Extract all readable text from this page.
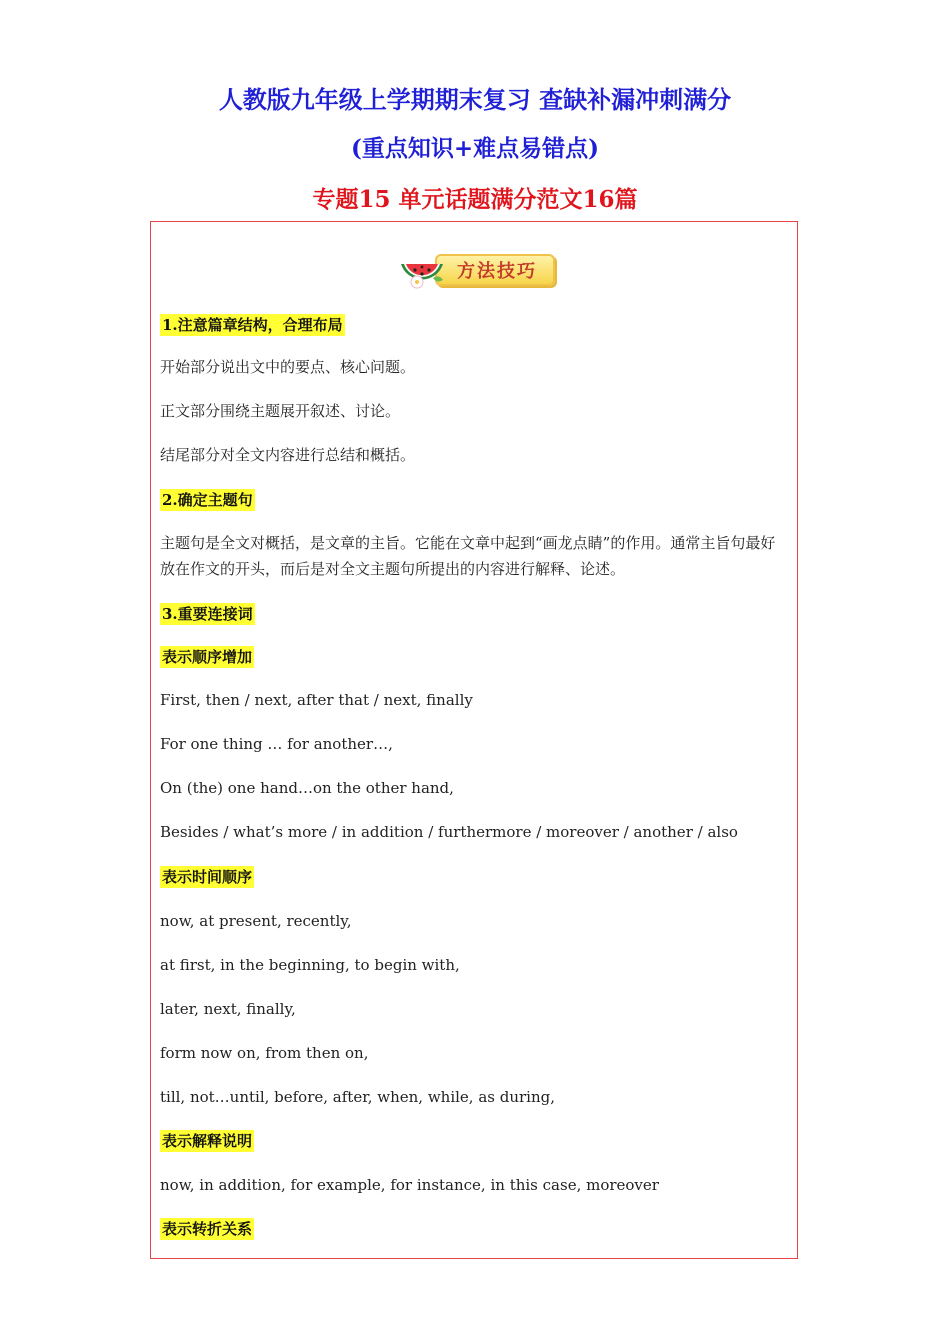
人教版九年级上学期期末复习 查缺补漏冲刺满分
(重点知识+难点易错点)
专题15 单元话题满分范文16篇
方法技巧
1.注意篇章结构，合理布局
开始部分说出文中的要点、核心问题。
正文部分围绕主题展开叙述、讨论。
结尾部分对全文内容进行总结和概括。
2.确定主题句
主题句是全文对概括，是文章的主旨。它能在文章中起到“画龙点睛”的作用。通常主旨句最好放在作文的开头，而后是对全文主题句所提出的内容进行解释、论述。
3.重要连接词
表示顺序增加
First, then / next, after that / next, finally
For one thing … for another…,
On (the) one hand…on the other hand,
Besides / what’s more / in addition / furthermore / moreover / another / also
表示时间顺序
now, at present, recently,
at first, in the beginning, to begin with,
later, next, finally,
form now on, from then on,
till, not…until, before, after, when, while, as during,
表示解释说明
now, in addition, for example, for instance, in this case, moreover
表示转折关系
